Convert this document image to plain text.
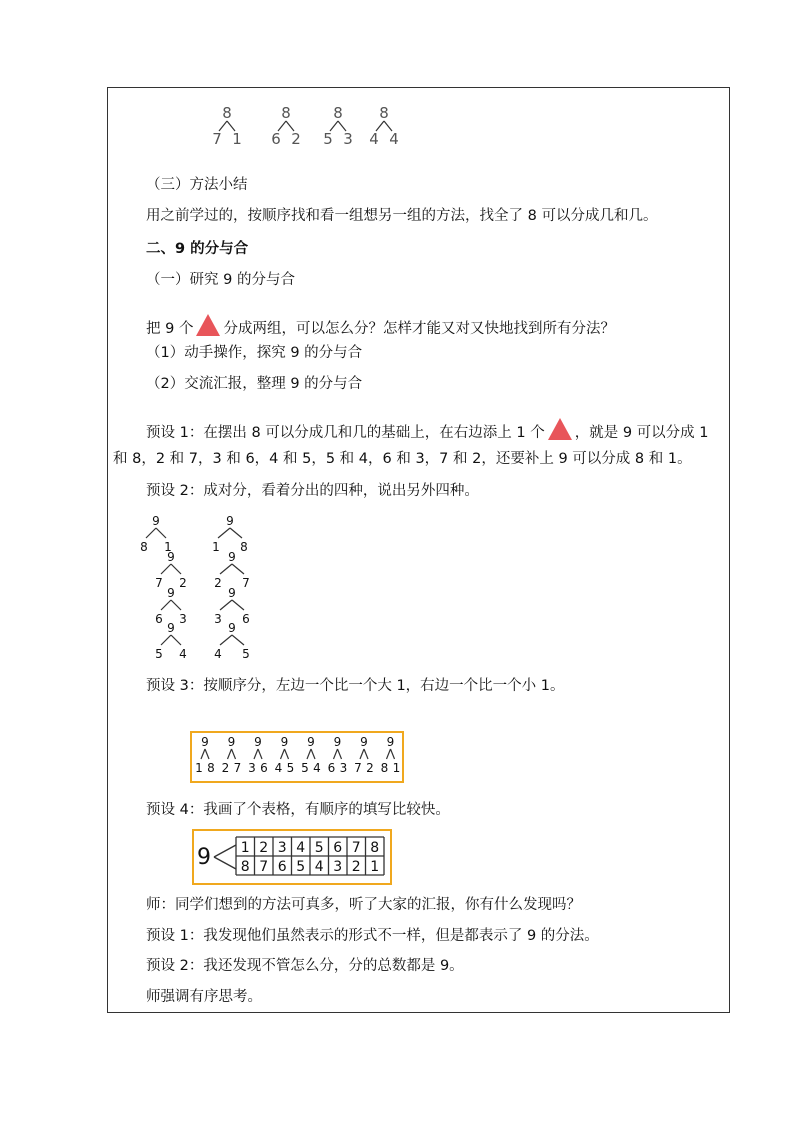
8
7 1
8
6 2
8
5 3
8
4 4
（三）方法小结
用之前学过的，按顺序找和看一组想另一组的方法，找全了 8 可以分成几和几。
二、9 的分与合
（一）研究 9 的分与合
把 9 个 分成两组，可以怎么分？怎样才能又对又快地找到所有分法？
（1）动手操作，探究 9 的分与合
（2）交流汇报，整理 9 的分与合
预设 1：在摆出 8 可以分成几和几的基础上，在右边添上 1 个 ，就是 9 可以分成 1
和 8，2 和 7，3 和 6，4 和 5，5 和 4，6 和 3，7 和 2，还要补上 9 可以分成 8 和 1。
预设 2：成对分，看着分出的四种，说出另外四种。
9
8 1
9
7 2
9
6 3
9
5 4
9
1 8
9
2 7
9
3 6
9
4 5
预设 3：按顺序分，左边一个比一个大 1，右边一个比一个小 1。
9
1 8
9
2 7
9
3 6
9
4 5
9
5 4
9
6 3
9
7 2
9
8 1
预设 4：我画了个表格，有顺序的填写比较快。
9 1 2 3 4 5 6 7 8
8 7 6 5 4 3 2 1
师：同学们想到的方法可真多，听了大家的汇报，你有什么发现吗？
预设 1：我发现他们虽然表示的形式不一样，但是都表示了 9 的分法。
预设 2：我还发现不管怎么分，分的总数都是 9。
师强调有序思考。
